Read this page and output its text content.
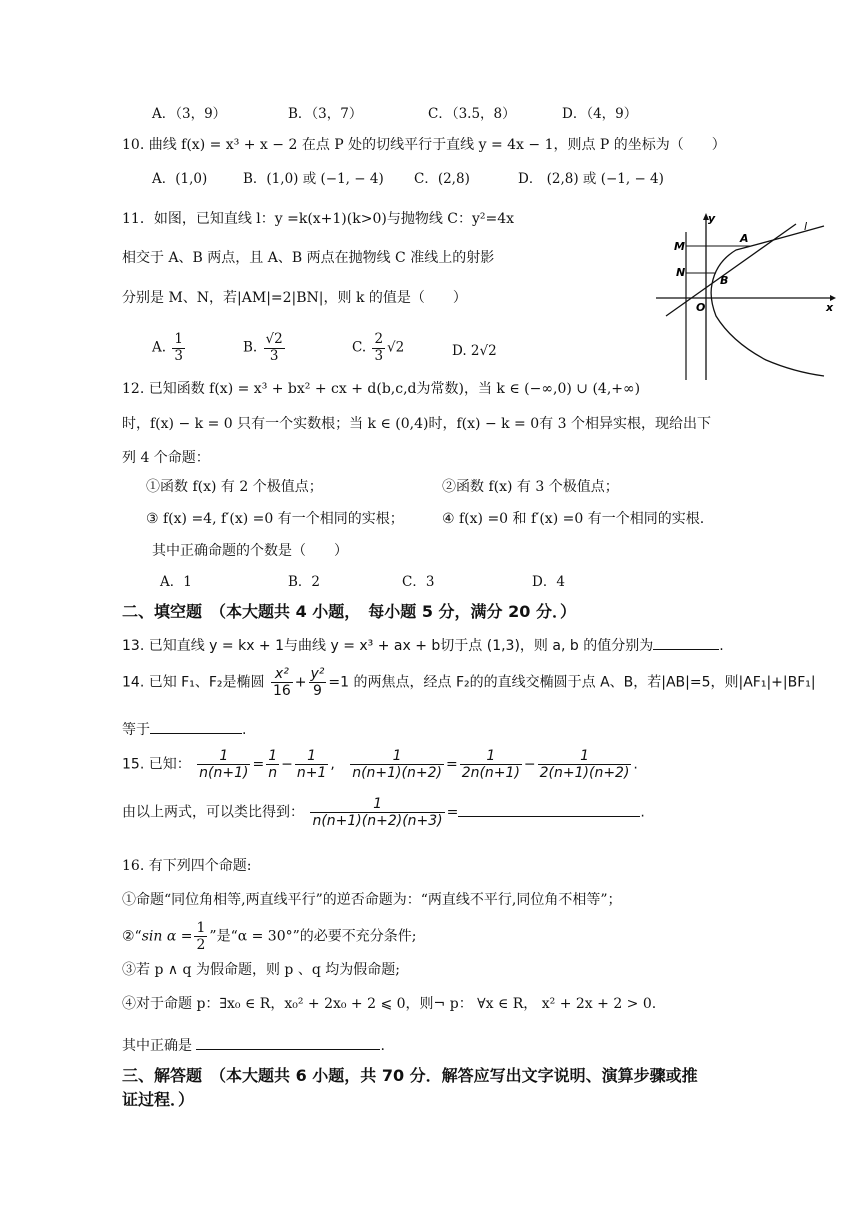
A．（3，9）	B．（3，7）	C．（3.5，8）	D．（4，9）
10. 曲线 f(x) = x³ + x − 2 在点 P 处的切线平行于直线 y = 4x − 1，则点 P 的坐标为（　　）
A．(1,0)	B．(1,0) 或 (−1, − 4) C．(2,8)	D． (2,8) 或 (−1, − 4)
11．如图，已知直线 l：y =k(x+1)(k>0)与抛物线 C：y²=4x
相交于 A、B 两点，且 A、B 两点在抛物线 C 准线上的射影
分别是 M、N，若|AM|=2|BN|，则 k 的值是（　　）
A. $\frac{1}{3}$	B. $\frac{√2}{3}$	C. $\frac{2}{3} √2$	D. 2√2
y
l
M
A
N
B
O	x
12. 已知函数 f(x) = x³ + bx² + cx + d(b,c,d为常数)，当 k ∈ (−∞,0) ∪ (4,+∞)
时，f(x) − k = 0 只有一个实数根；当 k ∈ (0,4)时，f(x) − k = 0有 3 个相异实根，现给出下
列 4 个命题：
①函数 f(x) 有 2 个极值点；	②函数 f(x) 有 3 个极值点；
③ f(x) =4, f′(x) =0 有一个相同的实根；	④ f(x) =0 和 f′(x) =0 有一个相同的实根.
其中正确命题的个数是（　　）
A．1	B．2	C．3	D．4
二、填空题　（本大题共 4 小题，　每小题 5 分，满分 20 分．）
13. 已知直线 y = kx + 1与曲线 y = x³ + ax + b切于点 (1,3)，则 a, b 的值分别为	.
14. 已知 F₁、F₂是椭圆 $\frac{\text{x²}}{16} + \frac{\text{y²}}{9} =1$ 的两焦点，经点 F₂的的直线交椭圆于点 A、B，若|AB|=5，则|AF₁|+|BF₁|
等于	.
15. 已知： $\frac{1}{n(n+1)} = \frac{1}{n} - \frac{1}{n+1}$ , $\frac{1}{n(n+1)(n+2)} = \frac{1}{2n(n+1)} - \frac{1}{2(n+1)(n+2)}$ .
由以上两式，可以类比得到： $\frac{1}{n(n+1)(n+2)(n+3)}$ =	.
16. 有下列四个命题:
①命题“同位角相等,两直线平行”的逆否命题为：“两直线不平行,同位角不相等”；
②“sin $\alpha = \frac{1}{2}$ ”是“α = 30°”的必要不充分条件;
③若 p ∧ q 为假命题，则 p 、q 均为假命题;
④对于命题 p：∃x₀ ∈ R，x₀² + 2x₀ + 2 ⩽ 0，则¬ p： ∀x ∈ R， x² + 2x + 2 > 0.
其中正确是	.
三、解答题　（本大题共 6 小题，共 70 分．解答应写出文字说明、演算步骤或推
证过程．）
